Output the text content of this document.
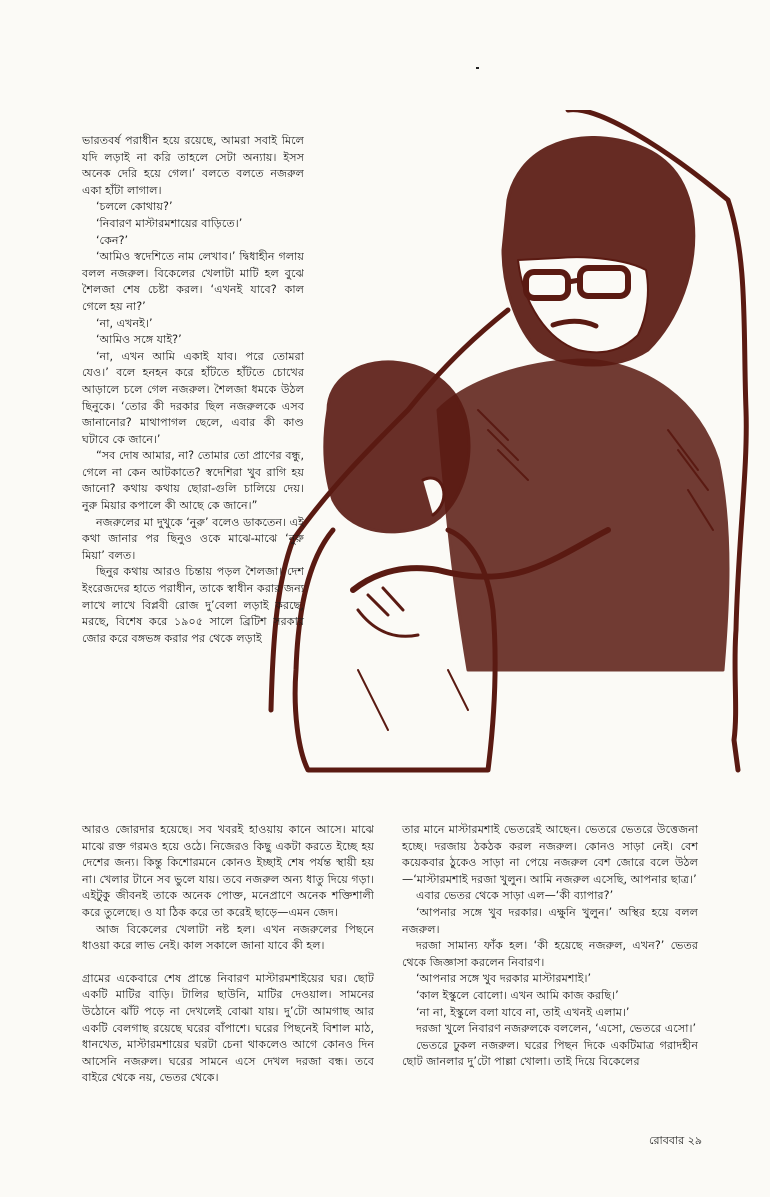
ভারতবর্ষ পরাধীন হয়ে রয়েছে, আমরা সবাই মিলে যদি লড়াই না করি তাহলে সেটা অন্যায়। ইসস অনেক দেরি হয়ে গেল।’ বলতে বলতে নজরুল একা হাঁটা লাগাল।

‘চললে কোথায়?’

‘নিবারণ মাস্টারমশায়ের বাড়িতে।’

‘কেন?’

‘আমিও স্বদেশিতে নাম লেখাব।’ দ্বিধাহীন গলায় বলল নজরুল। বিকেলের খেলাটা মাটি হল বুঝে শৈলজা শেষ চেষ্টা করল। ‘এখনই যাবে? কাল গেলে হয় না?’

‘না, এখনই।’

‘আমিও সঙ্গে যাই?’

‘না, এখন আমি একাই যাব। পরে তোমরা যেও।’ বলে হনহন করে হাঁটতে হাঁটতে চোখের আড়ালে চলে গেল নজরুল। শৈলজা ধমকে উঠল ছিনুকে। ‘তোর কী দরকার ছিল নজরুলকে এসব জানানোর? মাথাপাগল ছেলে, এবার কী কাণ্ড ঘটাবে কে জানে।’

“সব দোষ আমার, না? তোমার তো প্রাণের বন্ধু, গেলে না কেন আটকাতে? স্বদেশিরা খুব রাগি হয় জানো? কথায় কথায় ছোরা-গুলি চালিয়ে দেয়। নুরু মিয়ার কপালে কী আছে কে জানে।”

নজরুলের মা দুখুকে ‘নুরু’ বলেও ডাকতেন। এই কথা জানার পর ছিনুও ওকে মাঝে-মাঝে ‘নুরু মিয়া’ বলত।

ছিনুর কথায় আরও চিন্তায় পড়ল শৈলজা। দেশ ইংরেজদের হাতে পরাধীন, তাকে স্বাধীন করার জন্য লাখে লাখে বিপ্লবী রোজ দু’বেলা লড়াই করছে, মরছে, বিশেষ করে ১৯০৫ সালে ব্রিটিশ সরকার জোর করে বঙ্গভঙ্গ করার পর থেকে লড়াই

আরও জোরদার হয়েছে। সব খবরই হাওয়ায় কানে আসে। মাঝে মাঝে রক্ত গরমও হয়ে ওঠে। নিজেরও কিছু একটা করতে ইচ্ছে হয় দেশের জন্য। কিন্তু কিশোরমনে কোনও ইচ্ছাই শেষ পর্যন্ত স্থায়ী হয় না। খেলার টানে সব ভুলে যায়। তবে নজরুল অন্য ধাতু দিয়ে গড়া। এইটুকু জীবনই তাকে অনেক পোক্ত, মনেপ্রাণে অনেক শক্তিশালী করে তুলেছে। ও যা ঠিক করে তা করেই ছাড়ে—এমন জেদ।

আজ বিকেলের খেলাটা নষ্ট হল। এখন নজরুলের পিছনে ধাওয়া করে লাভ নেই। কাল সকালে জানা যাবে কী হল।

গ্রামের একেবারে শেষ প্রান্তে নিবারণ মাস্টারমশাইয়ের ঘর। ছোট একটি মাটির বাড়ি। টালির ছাউনি, মাটির দেওয়াল। সামনের উঠোনে ঝাঁট পড়ে না দেখলেই বোঝা যায়। দু’টো আমগাছ আর একটি বেলগাছ রয়েছে ঘরের বাঁপাশে। ঘরের পিছনেই বিশাল মাঠ, ধানখেত, মাস্টারমশায়ের ঘরটা চেনা থাকলেও আগে কোনও দিন আসেনি নজরুল। ঘরের সামনে এসে দেখল দরজা বন্ধ। তবে বাইরে থেকে নয়, ভেতর থেকে।

তার মানে মাস্টারমশাই ভেতরেই আছেন। ভেতরে ভেতরে উত্তেজনা হচ্ছে। দরজায় ঠকঠক করল নজরুল। কোনও সাড়া নেই। বেশ কয়েকবার ঠুকেও সাড়া না পেয়ে নজরুল বেশ জোরে বলে উঠল—‘মাস্টারমশাই দরজা খুলুন। আমি নজরুল এসেছি, আপনার ছাত্র।’

এবার ভেতর থেকে সাড়া এল—‘কী ব্যাপার?’

‘আপনার সঙ্গে খুব দরকার। এক্ষুনি খুলুন।’ অস্থির হয়ে বলল নজরুল।

দরজা সামান্য ফাঁক হল। ‘কী হয়েছে নজরুল, এখন?’ ভেতর থেকে জিজ্ঞাসা করলেন নিবারণ।

‘আপনার সঙ্গে খুব দরকার মাস্টারমশাই।’

‘কাল ইস্কুলে বোলো। এখন আমি কাজ করছি।’

‘না না, ইস্কুলে বলা যাবে না, তাই এখনই এলাম।’

দরজা খুলে নিবারণ নজরুলকে বললেন, ‘এসো, ভেতরে এসো।’

ভেতরে ঢুকল নজরুল। ঘরের পিছন দিকে একটিমাত্র গরাদহীন ছোট জানলার দু’টো পাল্লা খোলা। তাই দিয়ে বিকেলের

রোববার ২৯
